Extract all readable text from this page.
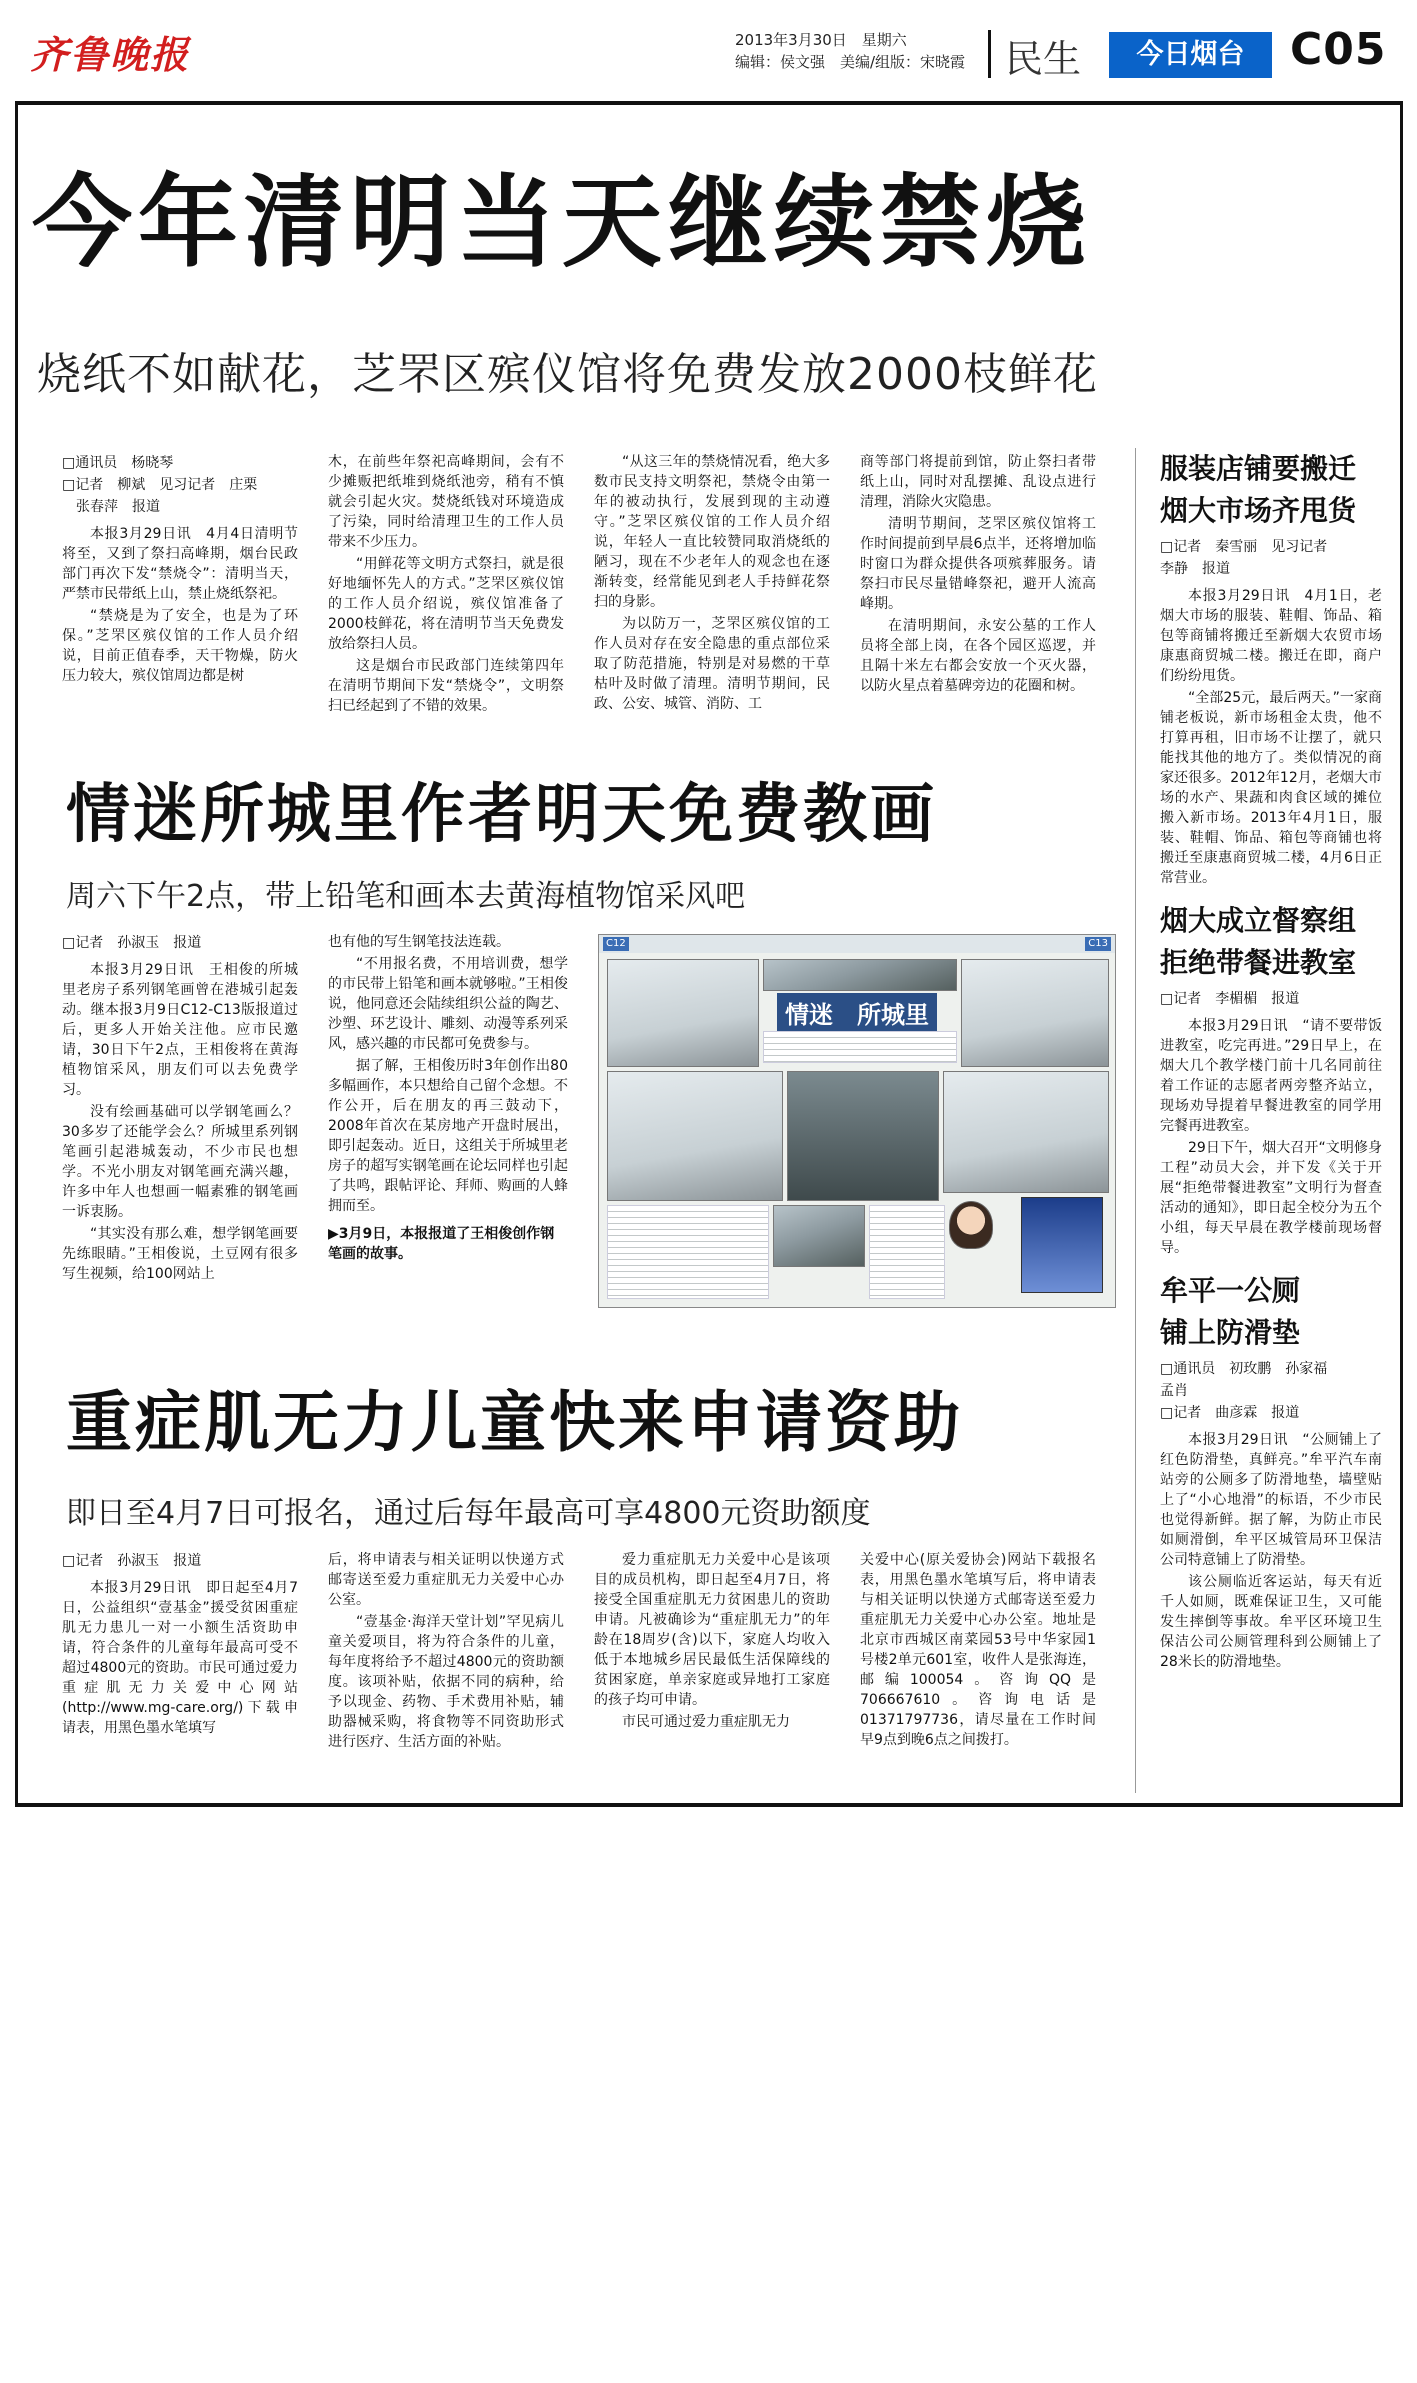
齐鲁晚报	2013年3月30日　星期六
编辑：侯文强　美编/组版：宋晓霞 民生	今日烟台	C05
今年清明当天继续禁烧
烧纸不如献花，芝罘区殡仪馆将免费发放2000枝鲜花
□通讯员　杨晓琴
□记者　柳斌　见习记者　庄栗
　张春萍　报道

本报3月29日讯　4月4日清明节将至，又到了祭扫高峰期，烟台民政部门再次下发“禁烧令”：清明当天，严禁市民带纸上山，禁止烧纸祭祀。

“禁烧是为了安全，也是为了环保。”芝罘区殡仪馆的工作人员介绍说，目前正值春季，天干物燥，防火压力较大，殡仪馆周边都是树

木，在前些年祭祀高峰期间，会有不少摊贩把纸堆到烧纸池旁，稍有不慎就会引起火灾。焚烧纸钱对环境造成了污染，同时给清理卫生的工作人员带来不少压力。

“用鲜花等文明方式祭扫，就是很好地缅怀先人的方式。”芝罘区殡仪馆的工作人员介绍说，殡仪馆准备了2000枝鲜花，将在清明节当天免费发放给祭扫人员。

这是烟台市民政部门连续第四年在清明节期间下发“禁烧令”，文明祭扫已经起到了不错的效果。

“从这三年的禁烧情况看，绝大多数市民支持文明祭祀，禁烧令由第一年的被动执行，发展到现的主动遵守。”芝罘区殡仪馆的工作人员介绍说，年轻人一直比较赞同取消烧纸的陋习，现在不少老年人的观念也在逐渐转变，经常能见到老人手持鲜花祭扫的身影。

为以防万一，芝罘区殡仪馆的工作人员对存在安全隐患的重点部位采取了防范措施，特别是对易燃的干草枯叶及时做了清理。清明节期间，民政、公安、城管、消防、工

商等部门将提前到馆，防止祭扫者带纸上山，同时对乱摆摊、乱设点进行清理，消除火灾隐患。

清明节期间，芝罘区殡仪馆将工作时间提前到早晨6点半，还将增加临时窗口为群众提供各项殡葬服务。请祭扫市民尽量错峰祭祀，避开人流高峰期。

在清明期间，永安公墓的工作人员将全部上岗，在各个园区巡逻，并且隔十米左右都会安放一个灭火器，以防火星点着墓碑旁边的花圈和树。

情迷所城里作者明天免费教画
周六下午2点，带上铅笔和画本去黄海植物馆采风吧
□记者　孙淑玉　报道

本报3月29日讯　王相俊的所城里老房子系列钢笔画曾在港城引起轰动。继本报3月9日C12-C13版报道过后，更多人开始关注他。应市民邀请，30日下午2点，王相俊将在黄海植物馆采风，朋友们可以去免费学习。

没有绘画基础可以学钢笔画么？30多岁了还能学会么？所城里系列钢笔画引起港城轰动，不少市民也想学。不光小朋友对钢笔画充满兴趣，许多中年人也想画一幅素雅的钢笔画一诉衷肠。

“其实没有那么难，想学钢笔画要先练眼睛。”王相俊说，土豆网有很多写生视频，给100网站上

也有他的写生钢笔技法连载。

“不用报名费，不用培训费，想学的市民带上铅笔和画本就够啦。”王相俊说，他同意还会陆续组织公益的陶艺、沙塑、环艺设计、雕刻、动漫等系列采风，感兴趣的市民都可免费参与。

据了解，王相俊历时3年创作出80多幅画作，本只想给自己留个念想。不作公开，后在朋友的再三鼓动下，2008年首次在某房地产开盘时展出，即引起轰动。近日，这组关于所城里老房子的超写实钢笔画在论坛同样也引起了共鸣，跟帖评论、拜师、购画的人蜂拥而至。

▶3月9日，本报报道了王相俊创作钢笔画的故事。
C12	C13
情迷　所城里
重症肌无力儿童快来申请资助
即日至4月7日可报名，通过后每年最高可享4800元资助额度
□记者　孙淑玉　报道

本报3月29日讯　即日起至4月7日，公益组织“壹基金”援受贫困重症肌无力患儿一对一小额生活资助申请，符合条件的儿童每年最高可受不超过4800元的资助。市民可通过爱力重症肌无力关爱中心网站(http://www.mg-care.org/)下载申请表，用黑色墨水笔填写

后，将申请表与相关证明以快递方式邮寄送至爱力重症肌无力关爱中心办公室。

“壹基金·海洋天堂计划”罕见病儿童关爱项目，将为符合条件的儿童，每年度将给予不超过4800元的资助额度。该项补贴，依据不同的病种，给予以现金、药物、手术费用补贴，辅助器械采购，将食物等不同资助形式进行医疗、生活方面的补贴。

爱力重症肌无力关爱中心是该项目的成员机构，即日起至4月7日，将接受全国重症肌无力贫困患儿的资助申请。凡被确诊为“重症肌无力”的年龄在18周岁(含)以下，家庭人均收入低于本地城乡居民最低生活保障线的贫困家庭，单亲家庭或异地打工家庭的孩子均可申请。

市民可通过爱力重症肌无力

关爱中心(原关爱协会)网站下载报名表，用黑色墨水笔填写后，将申请表与相关证明以快递方式邮寄送至爱力重症肌无力关爱中心办公室。地址是北京市西城区南菜园53号中华家园1号楼2单元601室，收件人是张海连，邮编100054。咨询QQ是706667610。咨询电话是01371797736，请尽量在工作时间早9点到晚6点之间拨打。

服装店铺要搬迁
烟大市场齐甩货
□记者　秦雪丽　见习记者
李静　报道

本报3月29日讯　4月1日，老烟大市场的服装、鞋帽、饰品、箱包等商铺将搬迁至新烟大农贸市场康惠商贸城二楼。搬迁在即，商户们纷纷甩货。

“全部25元，最后两天。”一家商铺老板说，新市场租金太贵，他不打算再租，旧市场不让摆了，就只能找其他的地方了。类似情况的商家还很多。2012年12月，老烟大市场的水产、果蔬和肉食区域的摊位搬入新市场。2013年4月1日，服装、鞋帽、饰品、箱包等商铺也将搬迁至康惠商贸城二楼，4月6日正常营业。

烟大成立督察组
拒绝带餐进教室
□记者　李楣楣　报道

本报3月29日讯　“请不要带饭进教室，吃完再进。”29日早上，在烟大几个教学楼门前十几名同前往着工作证的志愿者两旁整齐站立，现场劝导提着早餐进教室的同学用完餐再进教室。

29日下午，烟大召开“文明修身工程”动员大会，并下发《关于开展“拒绝带餐进教室”文明行为督查活动的通知》，即日起全校分为五个小组，每天早晨在教学楼前现场督导。

牟平一公厕
铺上防滑垫
□通讯员　初玫鹏　孙家福
孟肖
□记者　曲彦霖　报道

本报3月29日讯　“公厕铺上了红色防滑垫，真鲜亮。”牟平汽车南站旁的公厕多了防滑地垫，墙壁贴上了“小心地滑”的标语，不少市民也觉得新鲜。据了解，为防止市民如厕滑倒，牟平区城管局环卫保洁公司特意铺上了防滑垫。

该公厕临近客运站，每天有近千人如厕，既难保证卫生，又可能发生摔倒等事故。牟平区环境卫生保洁公司公厕管理科到公厕铺上了28米长的防滑地垫。
